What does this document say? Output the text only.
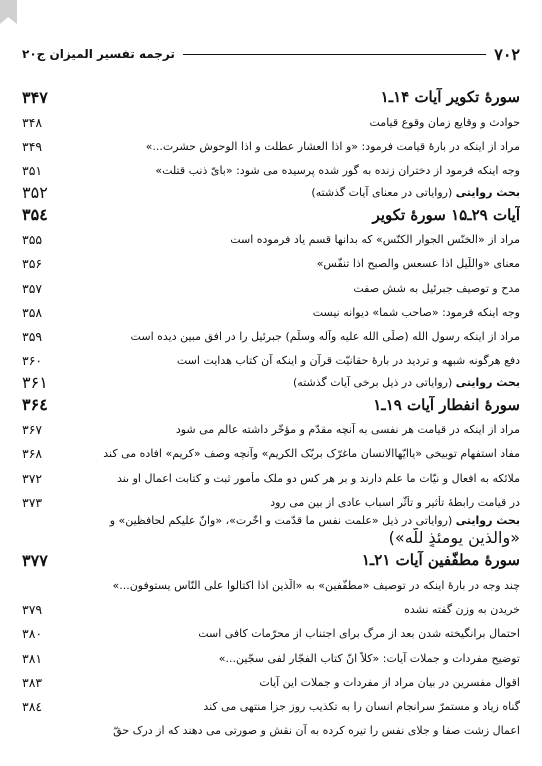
۷۰۲
ترجمه تفسیر المیزان ج۲۰
سورۀ تکویر آیات ۱۴ـ۱
۳۴۷
حوادث و وقایع زمان وقوع قیامت
۳۴۸
مراد از اینکه در بارۀ قیامت فرمود: «و اذا العشار عطلت و اذا الوحوش حشرت...»
۳۴۹
وجه اینکه فرمود از دختران زنده به گور شده پرسیده می شود: «باىّ ذنب قتلت»
۳۵۱
بحث روایتی (روایاتی در معنای آیات گذشته)
۳۵۲
آیات ۲۹ـ۱۵ سورۀ تکویر
۳۵٤
مراد از «الخنّس الجوار الكنّس» که بدانها قسم یاد فرموده است
۳۵۵
معنای «واللّیل اذا عسعس والصبح اذا تنفّس»
۳۵۶
مدح و توصیف جبرئیل به شش صفت
۳۵۷
وجه اینکه فرمود: «صاحب شما» دیوانه نیست
۳۵۸
مراد از اینکه رسول الله (صلّی الله علیه وآله وسلّم) جبرئیل را در افق مبین دیده است
۳۵۹
دفع هرگونه شبهه و تردید در بارۀ حقانیّت قرآن و اینکه آن کتاب هدایت است
۳۶۰
بحث روایتی (روایاتی در ذیل برخی آیات گذشته)
۳۶۱
سورۀ انفطار آیات ۱۹ـ۱
۳۶٤
مراد از اینکه در قیامت هر نفسی به آنچه مقدّم و مؤخّر داشته عالم می شود
۳۶۷
مفاد استفهام توبیخی «یاایّهاالانسان ماغرّک بربّک الکریم» وآنچه وصف «کریم» افاده می کند
۳۶۸
ملائکه به افعال و نیّات ما علم دارند و بر هر کس دو ملک مأمور ثبت و کتابت اعمال او ىند
۳۷۲
در قیامت رابطۀ تأثیر و تأثّر اسباب عادی از بین می رود
۳۷۳
بحث روایتی (روایاتی در ذیل «علمت نفس ما قدّمت و اخّرت»، «وانّ علیکم لحافظین» و
«والذین یومئذٍ للّه»)
سورۀ مطفّفین آیات ۲۱ـ۱
۳۷۷
چند وجه در بارۀ اینکه در توصیف «مطفّفین» به «الّذین اذا اکتالوا علی النّاس یستوفون...»
خریدن به وزن گفته نشده
۳۷۹
احتمال برانگیخته شدن بعد از مرگ برای اجتناب از محرّمات کافی است
۳۸۰
توضیح مفردات و جملات آیات: «کلاّ انّ کتاب الفجّار لفی سجّین...»
۳۸۱
اقوال مفسرین در بیان مراد از مفردات و جملات این آیات
۳۸۳
گناه زیاد و مستمرّ سرانجام انسان را به تکذیب روز جزا منتهی می کند
۳۸٤
اعمال زشت صفا و جلای نفس را تیره کرده به آن نقش و صورتی می دهند که از درک حقّ
